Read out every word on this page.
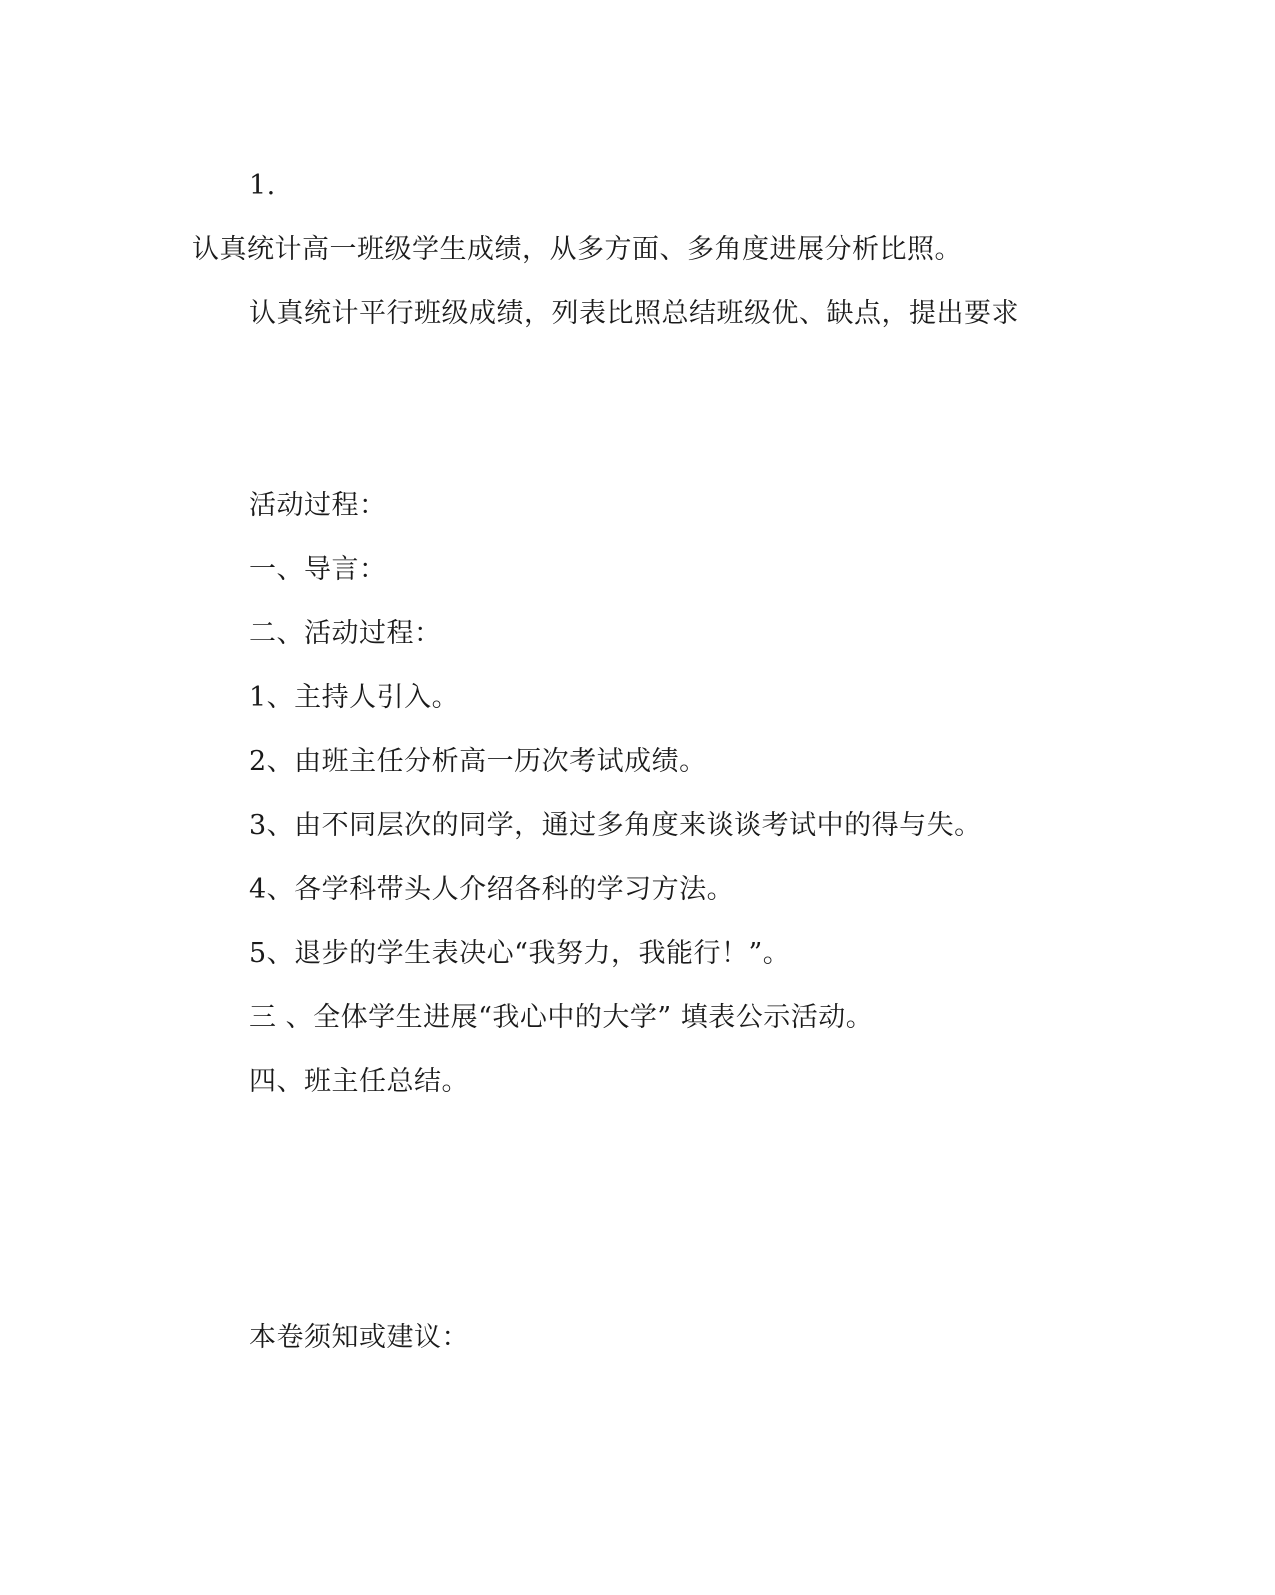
1.
认真统计高一班级学生成绩，从多方面、多角度进展分析比照。
认真统计平行班级成绩，列表比照总结班级优、缺点，提出要求
活动过程：
一、导言：
二、活动过程：
1、主持人引入。
2、由班主任分析高一历次考试成绩。
3、由不同层次的同学，通过多角度来谈谈考试中的得与失。
4、各学科带头人介绍各科的学习方法。
5、退步的学生表决心“我努力，我能行！”。
三 、全体学生进展“我心中的大学” 填表公示活动。
四、班主任总结。
本卷须知或建议：
